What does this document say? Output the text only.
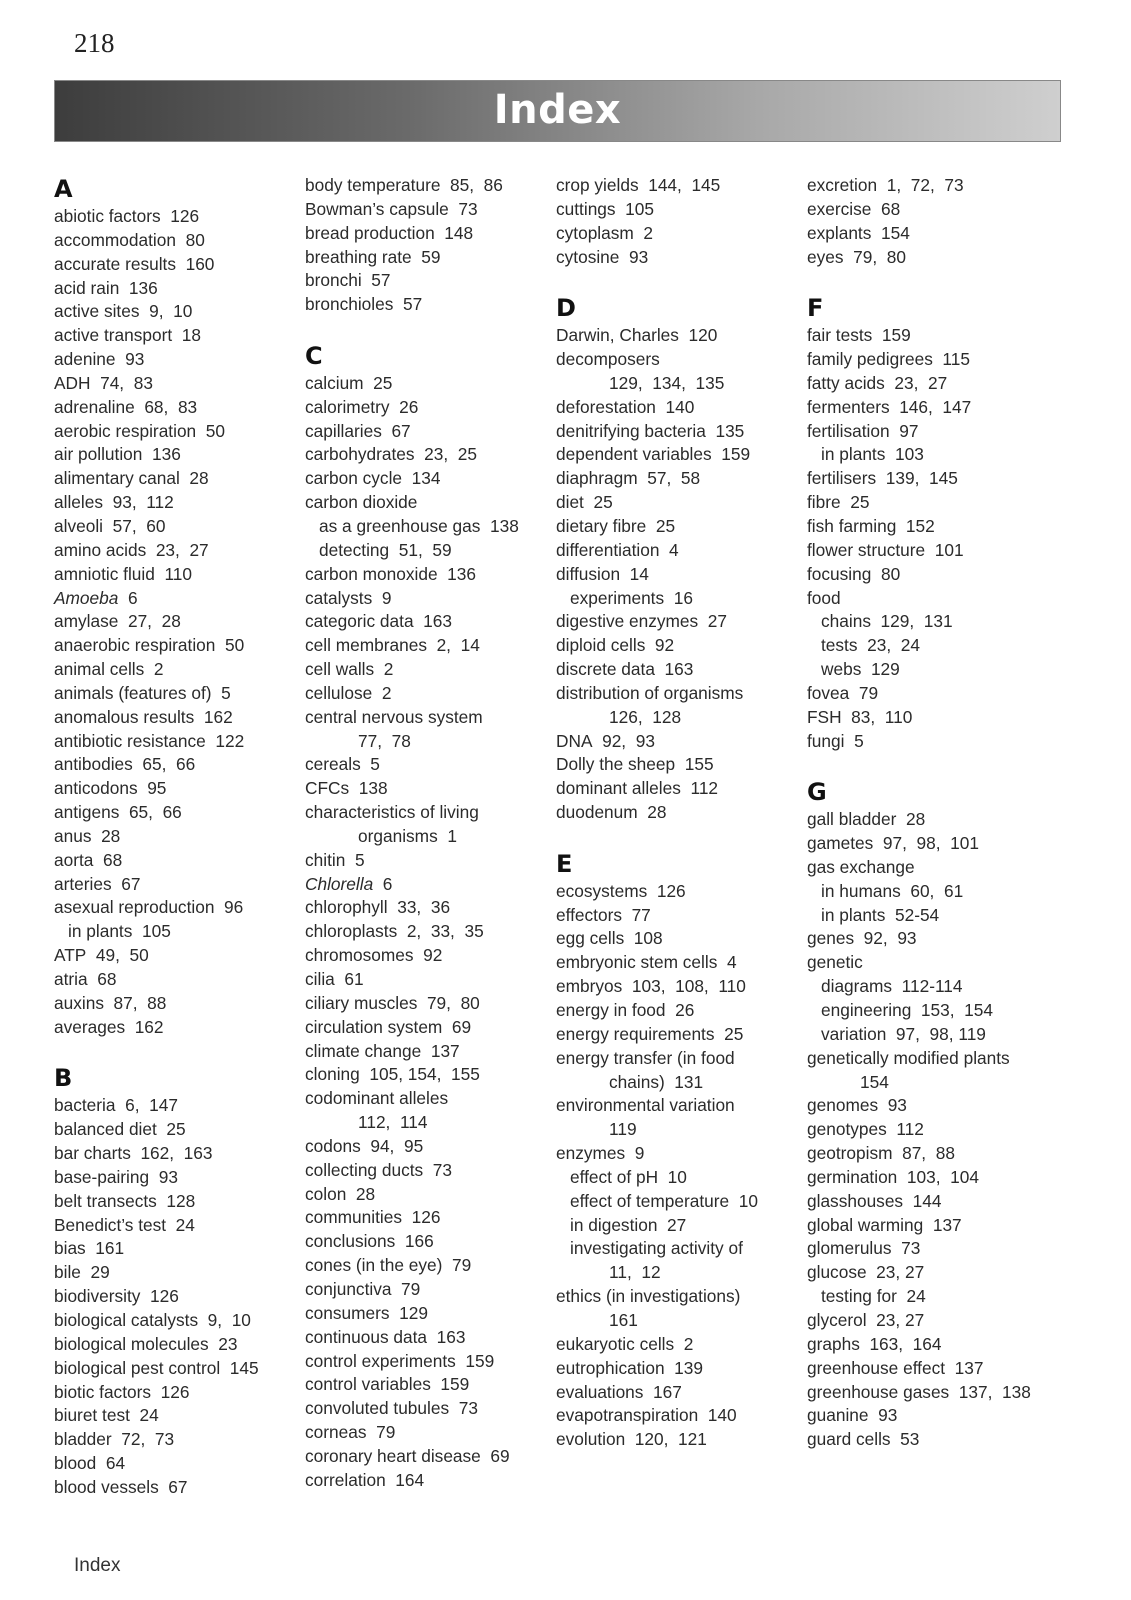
218
Index
A
abiotic factors  126
accommodation  80
accurate results  160
acid rain  136
active sites  9,  10
active transport  18
adenine  93
ADH  74,  83
adrenaline  68,  83
aerobic respiration  50
air pollution  136
alimentary canal  28
alleles  93,  112
alveoli  57,  60
amino acids  23,  27
amniotic fluid  110
Amoeba  6
amylase  27,  28
anaerobic respiration  50
animal cells  2
animals (features of)  5
anomalous results  162
antibiotic resistance  122
antibodies  65,  66
anticodons  95
antigens  65,  66
anus  28
aorta  68
arteries  67
asexual reproduction  96
in plants  105
ATP  49,  50
atria  68
auxins  87,  88
averages  162
B
bacteria  6,  147
balanced diet  25
bar charts  162,  163
base-pairing  93
belt transects  128
Benedict’s test  24
bias  161
bile  29
biodiversity  126
biological catalysts  9,  10
biological molecules  23
biological pest control  145
biotic factors  126
biuret test  24
bladder  72,  73
blood  64
blood vessels  67
body temperature  85,  86
Bowman’s capsule  73
bread production  148
breathing rate  59
bronchi  57
bronchioles  57
C
calcium  25
calorimetry  26
capillaries  67
carbohydrates  23,  25
carbon cycle  134
carbon dioxide
as a greenhouse gas  138
detecting  51,  59
carbon monoxide  136
catalysts  9
categoric data  163
cell membranes  2,  14
cell walls  2
cellulose  2
central nervous system
77,  78
cereals  5
CFCs  138
characteristics of living
organisms  1
chitin  5
Chlorella  6
chlorophyll  33,  36
chloroplasts  2,  33,  35
chromosomes  92
cilia  61
ciliary muscles  79,  80
circulation system  69
climate change  137
cloning  105, 154,  155
codominant alleles
112,  114
codons  94,  95
collecting ducts  73
colon  28
communities  126
conclusions  166
cones (in the eye)  79
conjunctiva  79
consumers  129
continuous data  163
control experiments  159
control variables  159
convoluted tubules  73
corneas  79
coronary heart disease  69
correlation  164
crop yields  144,  145
cuttings  105
cytoplasm  2
cytosine  93
D
Darwin, Charles  120
decomposers
129,  134,  135
deforestation  140
denitrifying bacteria  135
dependent variables  159
diaphragm  57,  58
diet  25
dietary fibre  25
differentiation  4
diffusion  14
experiments  16
digestive enzymes  27
diploid cells  92
discrete data  163
distribution of organisms
126,  128
DNA  92,  93
Dolly the sheep  155
dominant alleles  112
duodenum  28
E
ecosystems  126
effectors  77
egg cells  108
embryonic stem cells  4
embryos  103,  108,  110
energy in food  26
energy requirements  25
energy transfer (in food
chains)  131
environmental variation
119
enzymes  9
effect of pH  10
effect of temperature  10
in digestion  27
investigating activity of
11,  12
ethics (in investigations)
161
eukaryotic cells  2
eutrophication  139
evaluations  167
evapotranspiration  140
evolution  120,  121
excretion  1,  72,  73
exercise  68
explants  154
eyes  79,  80
F
fair tests  159
family pedigrees  115
fatty acids  23,  27
fermenters  146,  147
fertilisation  97
in plants  103
fertilisers  139,  145
fibre  25
fish farming  152
flower structure  101
focusing  80
food
chains  129,  131
tests  23,  24
webs  129
fovea  79
FSH  83,  110
fungi  5
G
gall bladder  28
gametes  97,  98,  101
gas exchange
in humans  60,  61
in plants  52-54
genes  92,  93
genetic
diagrams  112-114
engineering  153,  154
variation  97,  98, 119
genetically modified plants
154
genomes  93
genotypes  112
geotropism  87,  88
germination  103,  104
glasshouses  144
global warming  137
glomerulus  73
glucose  23, 27
testing for  24
glycerol  23, 27
graphs  163,  164
greenhouse effect  137
greenhouse gases  137,  138
guanine  93
guard cells  53
Index
